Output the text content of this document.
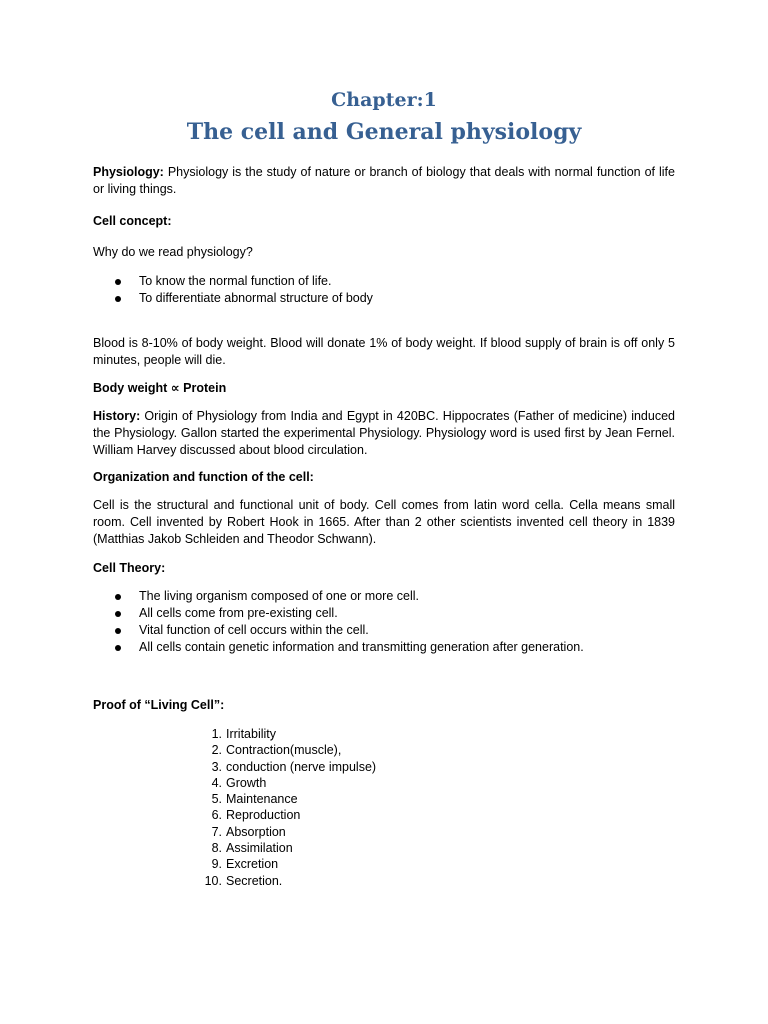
Chapter:1
The cell and General physiology
Physiology: Physiology is the study of nature or branch of biology that deals with normal function of life or living things.
Cell concept:
Why do we read physiology?
To know the normal function of life.
To differentiate abnormal structure of body
Blood is 8-10% of body weight. Blood will donate 1% of body weight. If blood supply of brain is off only 5 minutes, people will die.
Body weight ∝ Protein
History: Origin of Physiology from India and Egypt in 420BC. Hippocrates (Father of medicine) induced the Physiology. Gallon started the experimental Physiology. Physiology word is used first by Jean Fernel. William Harvey discussed about blood circulation.
Organization and function of the cell:
Cell is the structural and functional unit of body. Cell comes from latin word cella. Cella means small room. Cell invented by Robert Hook in 1665. After than 2 other scientists invented cell theory in 1839 (Matthias Jakob Schleiden and Theodor Schwann).
Cell Theory:
The living organism composed of one or more cell.
All cells come from pre-existing cell.
Vital function of cell occurs within the cell.
All cells contain genetic information and transmitting generation after generation.
Proof of “Living Cell”:
1. Irritability
2. Contraction(muscle),
3. conduction (nerve impulse)
4. Growth
5. Maintenance
6. Reproduction
7. Absorption
8. Assimilation
9. Excretion
10. Secretion.
